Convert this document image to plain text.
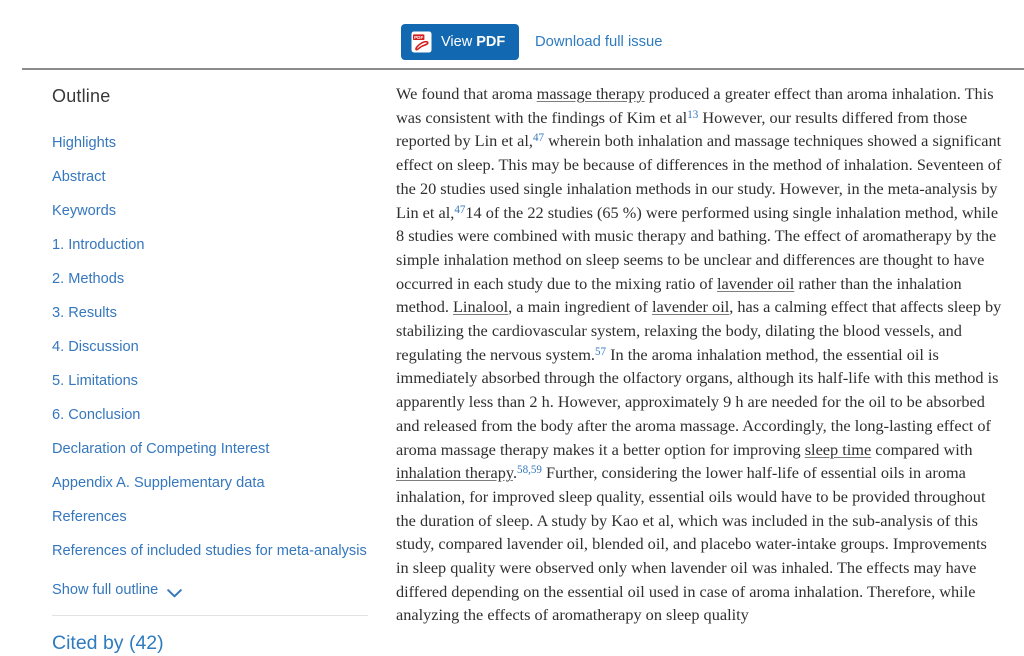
PDF View PDF Download full issue
Outline
Highlights
Abstract
Keywords
1. Introduction
2. Methods
3. Results
4. Discussion
5. Limitations
6. Conclusion
Declaration of Competing Interest
Appendix A. Supplementary data
References
References of included studies for meta-analysis
Show full outline
Cited by (42)
We found that aroma massage therapy produced a greater effect than aroma inhalation. This was consistent with the findings of Kim et al$^{13}$ However, our results differed from those reported by Lin et al,$^{47}$ wherein both inhalation and massage techniques showed a significant effect on sleep. This may be because of differences in the method of inhalation. Seventeen of the 20 studies used single inhalation methods in our study. However, in the meta-analysis by Lin et al,$^{47}$14 of the 22 studies (65 %) were performed using single inhalation method, while 8 studies were combined with music therapy and bathing. The effect of aromatherapy by the simple inhalation method on sleep seems to be unclear and differences are thought to have occurred in each study due to the mixing ratio of lavender oil rather than the inhalation method. Linalool, a main ingredient of lavender oil, has a calming effect that affects sleep by stabilizing the cardiovascular system, relaxing the body, dilating the blood vessels, and regulating the nervous system.$^{57}$ In the aroma inhalation method, the essential oil is immediately absorbed through the olfactory organs, although its half-life with this method is apparently less than 2 h. However, approximately 9 h are needed for the oil to be absorbed and released from the body after the aroma massage. Accordingly, the long-lasting effect of aroma massage therapy makes it a better option for improving sleep time compared with inhalation therapy.$^{58,59}$ Further, considering the lower half-life of essential oils in aroma inhalation, for improved sleep quality, essential oils would have to be provided throughout the duration of sleep. A study by Kao et al, which was included in the sub-analysis of this study, compared lavender oil, blended oil, and placebo water-intake groups. Improvements in sleep quality were observed only when lavender oil was inhaled. The effects may have differed depending on the essential oil used in case of aroma inhalation. Therefore, while analyzing the effects of aromatherapy on sleep quality
